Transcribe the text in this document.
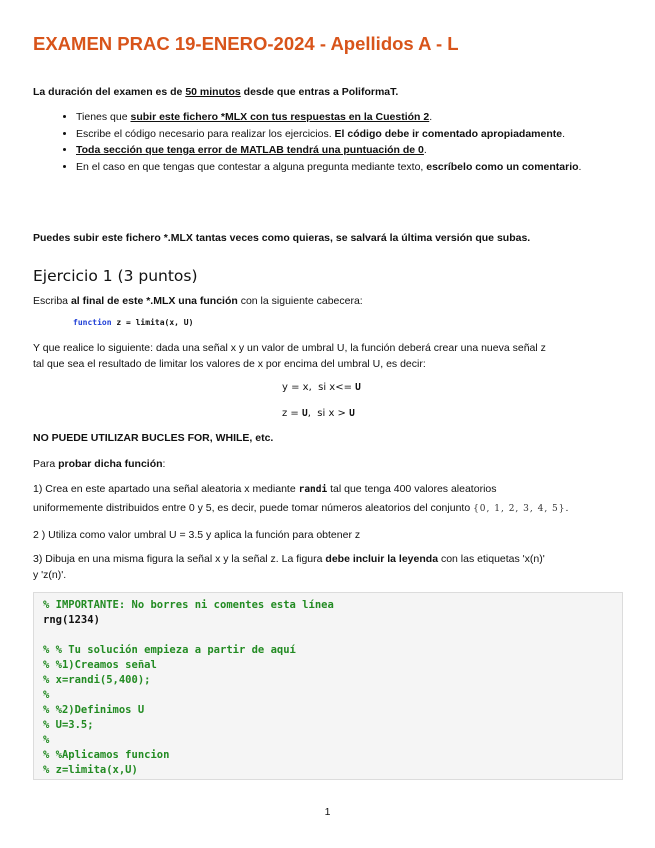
EXAMEN PRAC 19-ENERO-2024 - Apellidos A - L
La duración del examen es de 50 minutos desde que entras a PoliformaT.
• Tienes que subir este fichero *MLX con tus respuestas en la Cuestión 2.
• Escribe el código necesario para realizar los ejercicios. El código debe ir comentado apropiadamente.
• Toda sección que tenga error de MATLAB tendrá una puntuación de 0.
• En el caso en que tengas que contestar a alguna pregunta mediante texto, escríbelo como un comentario.
Puedes subir este fichero *.MLX tantas veces como quieras, se salvará la última versión que subas.
Ejercicio 1 (3 puntos)
Escriba al final de este *.MLX una función con la siguiente cabecera:
function z = limita(x, U)
Y que realice lo siguiente: dada una señal x y un valor de umbral U, la función deberá crear una nueva señal z
tal que sea el resultado de limitar los valores de x por encima del umbral U, es decir:
y = x,  si x<= U
z = U,  si x > U
NO PUEDE UTILIZAR BUCLES FOR, WHILE, etc.
Para probar dicha función:
1) Crea en este apartado una señal aleatoria x mediante randi tal que tenga 400 valores aleatorios
uniformemente distribuidos entre 0 y 5, es decir, puede tomar números aleatorios del conjunto {0, 1, 2, 3, 4, 5}.
2 ) Utiliza como valor umbral U = 3.5 y aplica la función para obtener z
3) Dibuja en una misma figura la señal x y la señal z. La figura debe incluir la leyenda con las etiquetas 'x(n)'
y 'z(n)'.
% IMPORTANTE: No borres ni comentes esta línea
rng(1234)
% % Tu solución empieza a partir de aquí
% %1)Creamos señal
% x=randi(5,400);
%
% %2)Definimos U
% U=3.5;
%
% %Aplicamos funcion
% z=limita(x,U)
1
